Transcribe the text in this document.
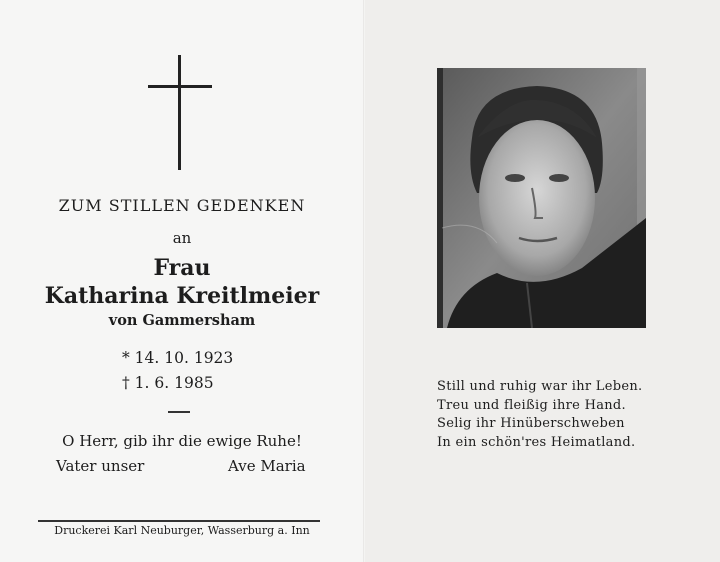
ZUM STILLEN GEDENKEN
an
Frau
Katharina Kreitlmeier
von Gammersham
* 14. 10. 1923
† 1. 6. 1985
O Herr, gib ihr die ewige Ruhe!
Vater unser	Ave Maria
Druckerei Karl Neuburger, Wasserburg a. Inn
Still und ruhig war ihr Leben.
Treu und fleißig ihre Hand.
Selig ihr Hinüberschweben
In ein schön'res Heimatland.
